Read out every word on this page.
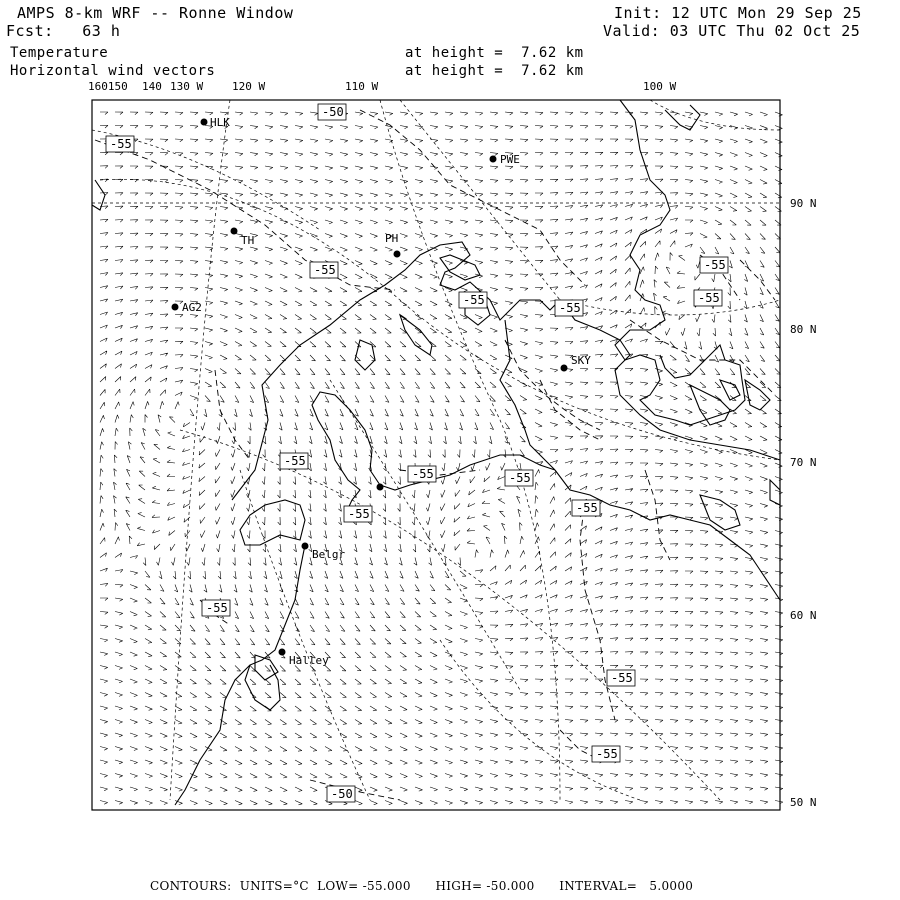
AMPS 8-km WRF -- Ronne Window
Fcst:   63 h
Init: 12 UTC Mon 29 Sep 25
Valid: 03 UTC Thu 02 Oct 25
Temperature
Horizontal wind vectors
at height =  7.62 km
at height =  7.62 km
160150 140 130 W	120 W	110 W	100 W
90 N
80 N
70 N
60 N
50 N
HLK
PWE
TH	PH
AG2
SKY
Belgr
Halley
-50
-55
-55
-55
-55
-55
-55
-55
-55	-55
-55
-55
-55
-55
-55
-50
CONTOURS:  UNITS=°C  LOW= -55.000      HIGH= -50.000      INTERVAL=   5.0000
